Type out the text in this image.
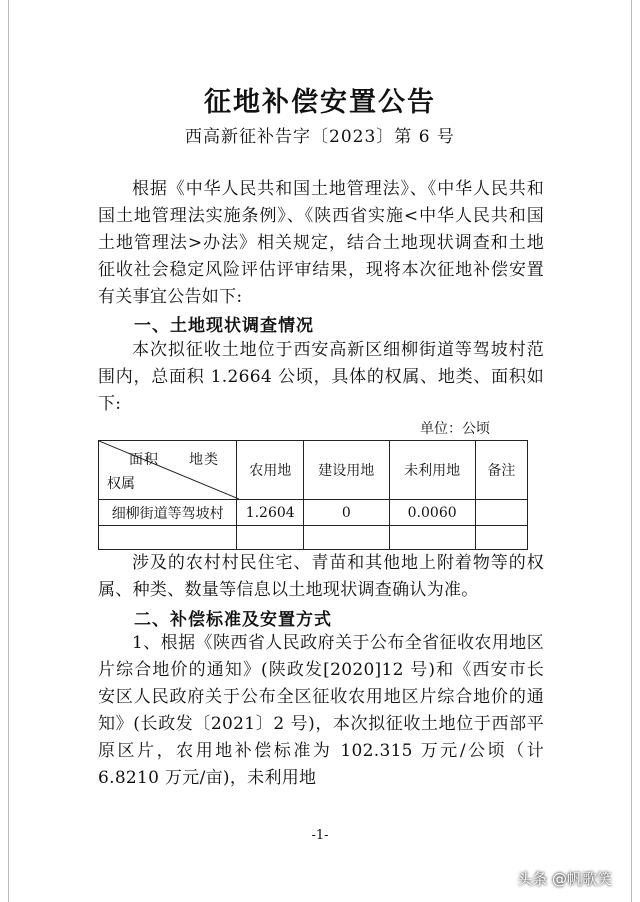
征地补偿安置公告
西高新征补告字〔2023〕第 6 号
根据《中华人民共和国土地管理法》、《中华人民共和国土地管理法实施条例》、《陕西省实施<中华人民共和国土地管理法>办法》相关规定，结合土地现状调查和土地征收社会稳定风险评估评审结果，现将本次征地补偿安置有关事宜公告如下:
一、土地现状调查情况
本次拟征收土地位于西安高新区细柳街道等驾坡村范围内，总面积 1.2664 公顷，具体的权属、地类、面积如下:
单位：公顷
面积　　地类
权属	农用地	建设用地	未利用地	备注
细柳街道等驾坡村	1.2604	0	0.0060	

涉及的农村村民住宅、青苗和其他地上附着物等的权属、种类、数量等信息以土地现状调查确认为准。
二、补偿标准及安置方式
1、根据《陕西省人民政府关于公布全省征收农用地区片综合地价的通知》(陕政发[2020]12 号)和《西安市长安区人民政府关于公布全区征收农用地区片综合地价的通知》(长政发〔2021〕2 号)，本次拟征收土地位于西部平原区片，农用地补偿标准为 102.315 万元/公顷（计 6.8210 万元/亩)，未利用地
-1-
头条 @帆歌笑
